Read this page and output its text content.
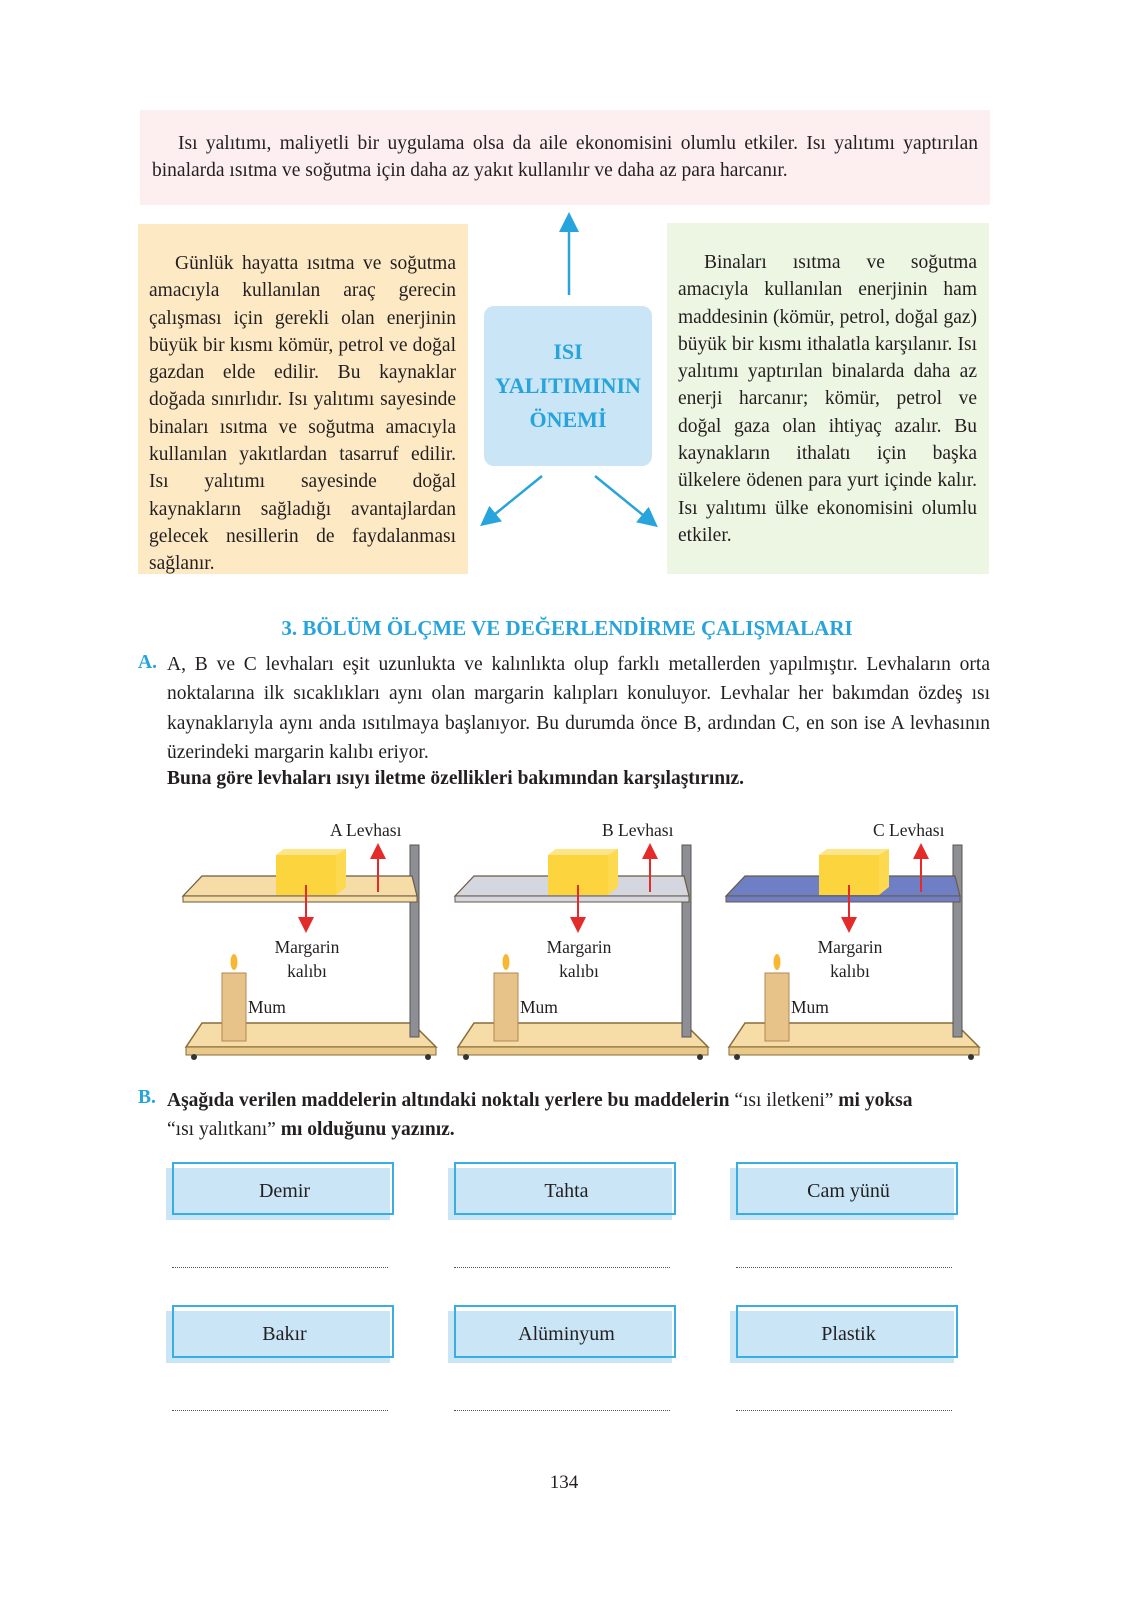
Isı yalıtımı, maliyetli bir uygulama olsa da aile ekonomisini olumlu etkiler. Isı yalıtımı yaptırılan binalarda ısıtma ve soğutma için daha az yakıt kullanılır ve daha az para harcanır.
Günlük hayatta ısıtma ve soğutma amacıyla kullanılan araç gerecin çalışması için gerekli olan enerjinin büyük bir kısmı kömür, petrol ve doğal gazdan elde edilir. Bu kaynaklar doğada sınırlıdır. Isı yalıtımı sayesinde binaları ısıtma ve soğutma amacıyla kullanılan yakıtlardan tasarruf edilir. Isı yalıtımı sayesinde doğal kaynakların sağladığı avantajlardan gelecek nesillerin de faydalanması sağlanır.
Binaları ısıtma ve soğutma amacıyla kullanılan enerjinin ham maddesinin (kömür, petrol, doğal gaz) büyük bir kısmı ithalatla karşılanır. Isı yalıtımı yaptırılan binalarda daha az enerji harcanır; kömür, petrol ve doğal gaza olan ihtiyaç azalır. Bu kaynakların ithalatı için başka ülkelere ödenen para yurt içinde kalır. Isı yalıtımı ülke ekonomisini olumlu etkiler.
ISI
YALITIMININ
ÖNEMİ
3. BÖLÜM ÖLÇME VE DEĞERLENDİRME ÇALIŞMALARI
A. A, B ve C levhaları eşit uzunlukta ve kalınlıkta olup farklı metallerden yapılmıştır. Levhaların orta noktalarına ilk sıcaklıkları aynı olan margarin kalıpları konuluyor. Levhalar her bakımdan özdeş ısı kaynaklarıyla aynı anda ısıtılmaya başlanıyor. Bu durumda önce B, ardından C, en son ise A levhasının üzerindeki margarin kalıbı eriyor.
Buna göre levhaları ısıyı iletme özellikleri bakımından karşılaştırınız.
A Levhası
Margarin
kalıbı
Mum
B Levhası
Margarin
kalıbı
Mum
C Levhası
Margarin
kalıbı
Mum
B. Aşağıda verilen maddelerin altındaki noktalı yerlere bu maddelerin “ısı iletkeni” mi yoksa
“ısı yalıtkanı” mı olduğunu yazınız.
Demir	Tahta	Cam yünü
Bakır	Alüminyum	Plastik
134
